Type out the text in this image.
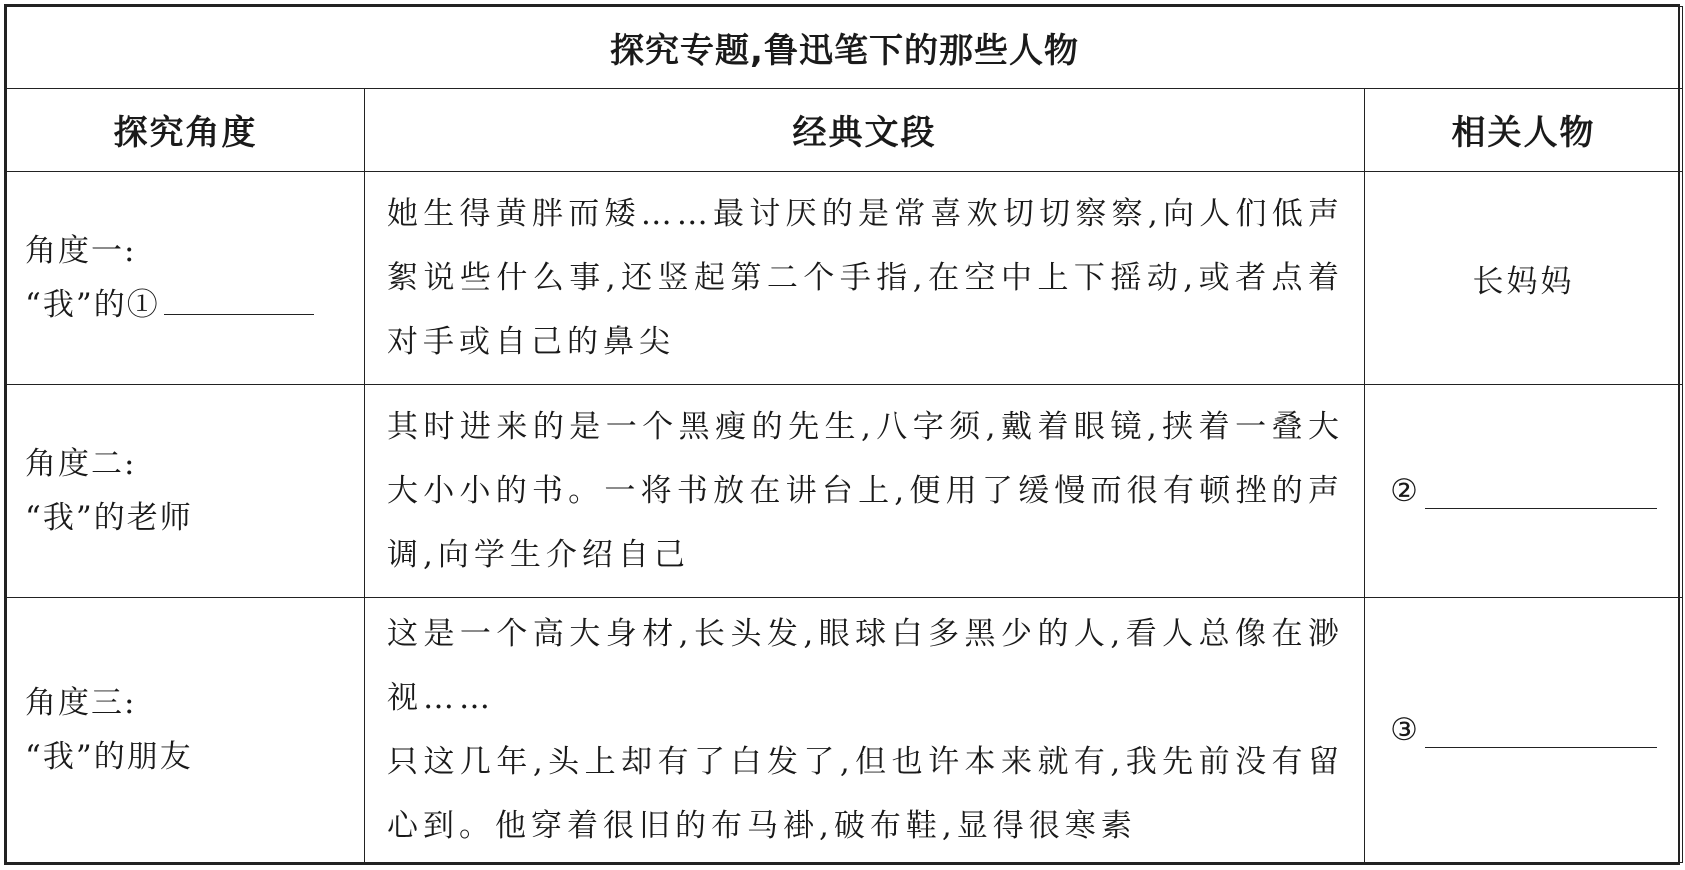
探究专题,鲁迅笔下的那些人物		
探究角度	经典文段	相关人物

角度一:
“我”的①	她生得黄胖而矮……最讨厌的是常喜欢切切察察,向人们低声絮说些什么事,还竖起第二个手指,在空中上下摇动,或者点着对手或自己的鼻尖	长妈妈

角度二:
“我”的老师	其时进来的是一个黑瘦的先生,八字须,戴着眼镜,挟着一叠大大小小的书。一将书放在讲台上,便用了缓慢而很有顿挫的声调,向学生介绍自己	②

角度三:
“我”的朋友	这是一个高大身材,长头发,眼球白多黑少的人,看人总像在渺视……
只这几年,头上却有了白发了,但也许本来就有,我先前没有留心到。他穿着很旧的布马褂,破布鞋,显得很寒素	③
